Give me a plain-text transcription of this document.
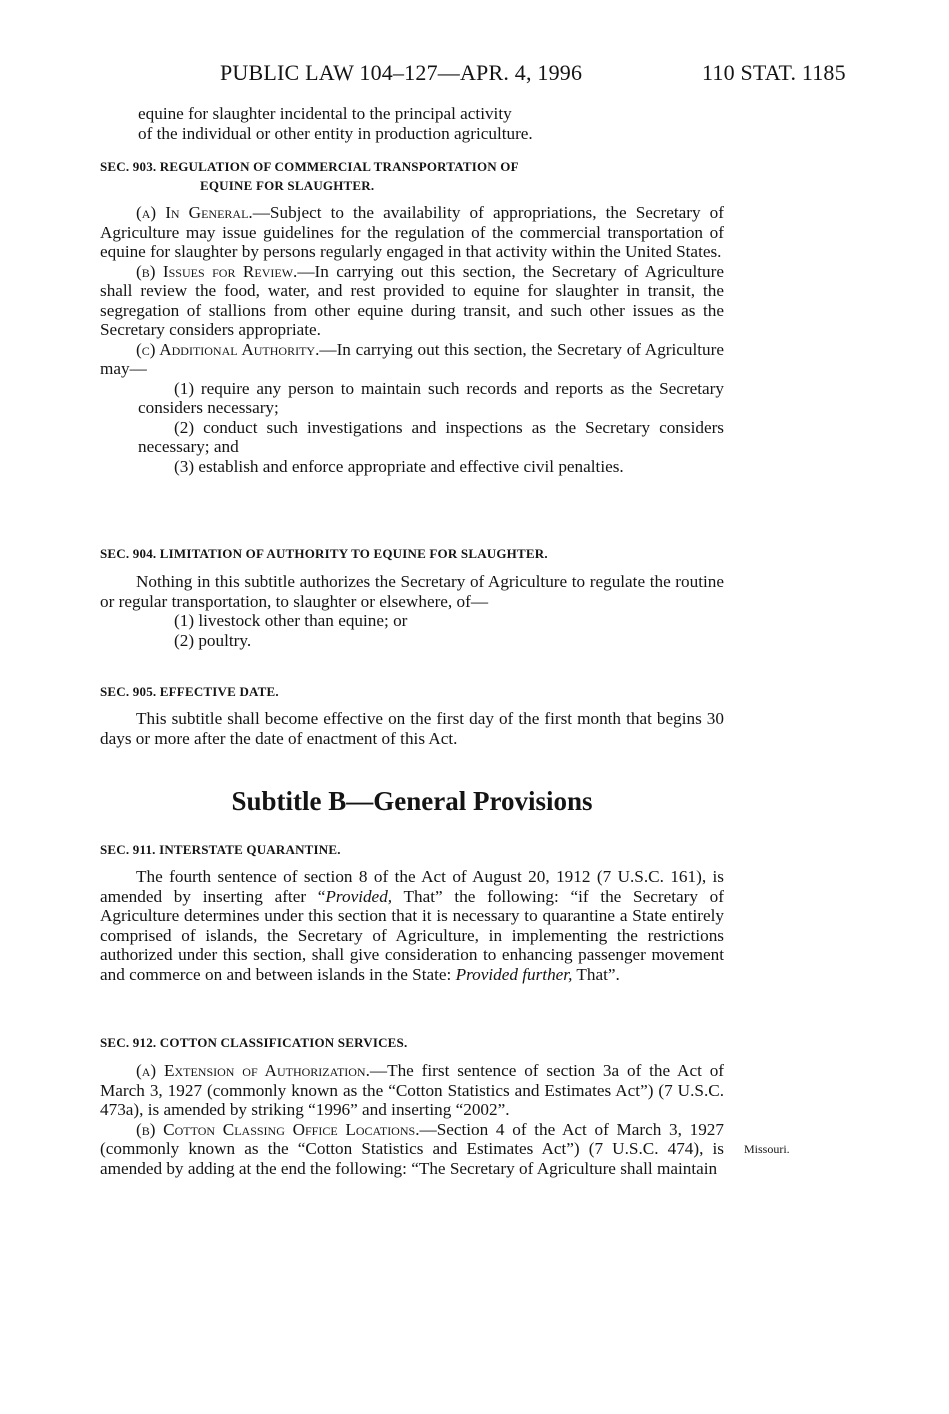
PUBLIC LAW 104–127—APR. 4, 1996	110 STAT. 1185

equine for slaughter incidental to the principal activity

of the individual or other entity in production agriculture.

SEC. 903. REGULATION OF COMMERCIAL TRANSPORTATION OF
EQUINE FOR SLAUGHTER.

(a) In General.—Subject to the availability of appropriations, the Secretary of Agriculture may issue guidelines for the regulation of the commercial transportation of equine for slaughter by persons regularly engaged in that activity within the United States.

(b) Issues for Review.—In carrying out this section, the Secretary of Agriculture shall review the food, water, and rest provided to equine for slaughter in transit, the segregation of stallions from other equine during transit, and such other issues as the Secretary considers appropriate.

(c) Additional Authority.—In carrying out this section, the Secretary of Agriculture may—

(1) require any person to maintain such records and reports as the Secretary considers necessary;

(2) conduct such investigations and inspections as the Secretary considers necessary; and

(3) establish and enforce appropriate and effective civil penalties.

SEC. 904. LIMITATION OF AUTHORITY TO EQUINE FOR SLAUGHTER.

Nothing in this subtitle authorizes the Secretary of Agriculture to regulate the routine or regular transportation, to slaughter or elsewhere, of—

(1) livestock other than equine; or

(2) poultry.

SEC. 905. EFFECTIVE DATE.

This subtitle shall become effective on the first day of the first month that begins 30 days or more after the date of enactment of this Act.

Subtitle B—General Provisions
SEC. 911. INTERSTATE QUARANTINE.

The fourth sentence of section 8 of the Act of August 20, 1912 (7 U.S.C. 161), is amended by inserting after “Provided, That” the following: “if the Secretary of Agriculture determines under this section that it is necessary to quarantine a State entirely comprised of islands, the Secretary of Agriculture, in implementing the restrictions authorized under this section, shall give consideration to enhancing passenger movement and commerce on and between islands in the State: Provided further, That”.

SEC. 912. COTTON CLASSIFICATION SERVICES.

(a) Extension of Authorization.—The first sentence of section 3a of the Act of March 3, 1927 (commonly known as the “Cotton Statistics and Estimates Act”) (7 U.S.C. 473a), is amended by striking “1996” and inserting “2002”.

(b) Cotton Classing Office Locations.—Section 4 of the Act of March 3, 1927 (commonly known as the “Cotton Statistics and Estimates Act”) (7 U.S.C. 474), is amended by adding at the end the following: “The Secretary of Agriculture shall maintain

Missouri.
